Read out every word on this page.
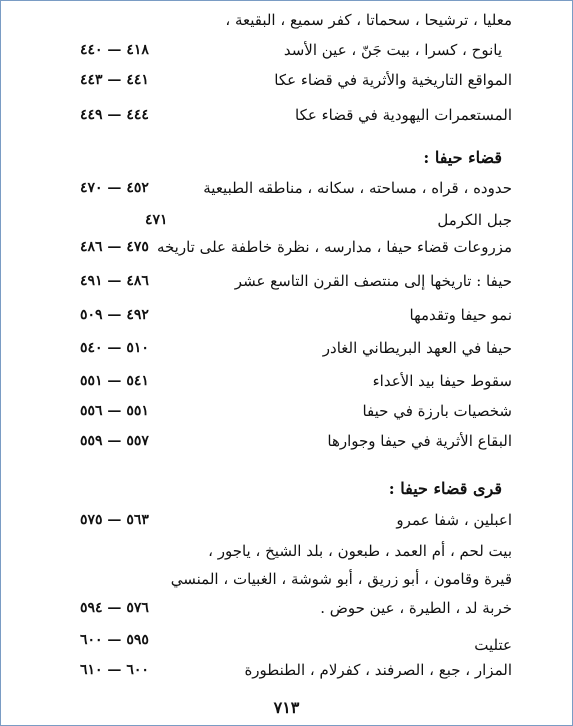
معليا ، ترشيحا ، سحماتا ، كفر سميع ، البقيعة ،
٤١٨ — ٤٤٠	يانوح ، كسرا ، بيت جَنّ ، عين الأسد
٤٤١ — ٤٤٣	المواقع التاريخية والأثرية في قضاء عكا
٤٤٤ — ٤٤٩	المستعمرات اليهودية في قضاء عكا
قضاء حيفا :
٤٥٢ — ٤٧٠	حدوده ، قراه ، مساحته ، سكانه ، مناطقه الطبيعية
٤٧١	جبل الكرمل
٤٧٥ — ٤٨٦ مزروعات قضاء حيفا ، مدارسه ، نظرة خاطفة على تاريخه
٤٨٦ — ٤٩١	حيفا : تاريخها إلى منتصف القرن التاسع عشر
٤٩٢ — ٥٠٩	نمو حيفا وتقدمها
٥١٠ — ٥٤٠	حيفا في العهد البريطاني الغادر
٥٤١ — ٥٥١	سقوط حيفا بيد الأعداء
٥٥١ — ٥٥٦	شخصيات بارزة في حيفا
٥٥٧ — ٥٥٩	البقاع الأثرية في حيفا وجوارها
قرى قضاء حيفا :
٥٦٣ — ٥٧٥	اعبلين ، شفا عمرو
بيت لحم ، أم العمد ، طبعون ، بلد الشيخ ، ياجور ،
قيرة وقامون ، أبو زريق ، أبو شوشة ، الغبيات ، المنسي
٥٧٦ — ٥٩٤	خربة لد ، الطيرة ، عين حوض .
٥٩٥ — ٦٠٠	عتليت
٦٠٠ — ٦١٠	المزار ، جبع ، الصرفند ، كفرلام ، الطنطورة
٧١٣
